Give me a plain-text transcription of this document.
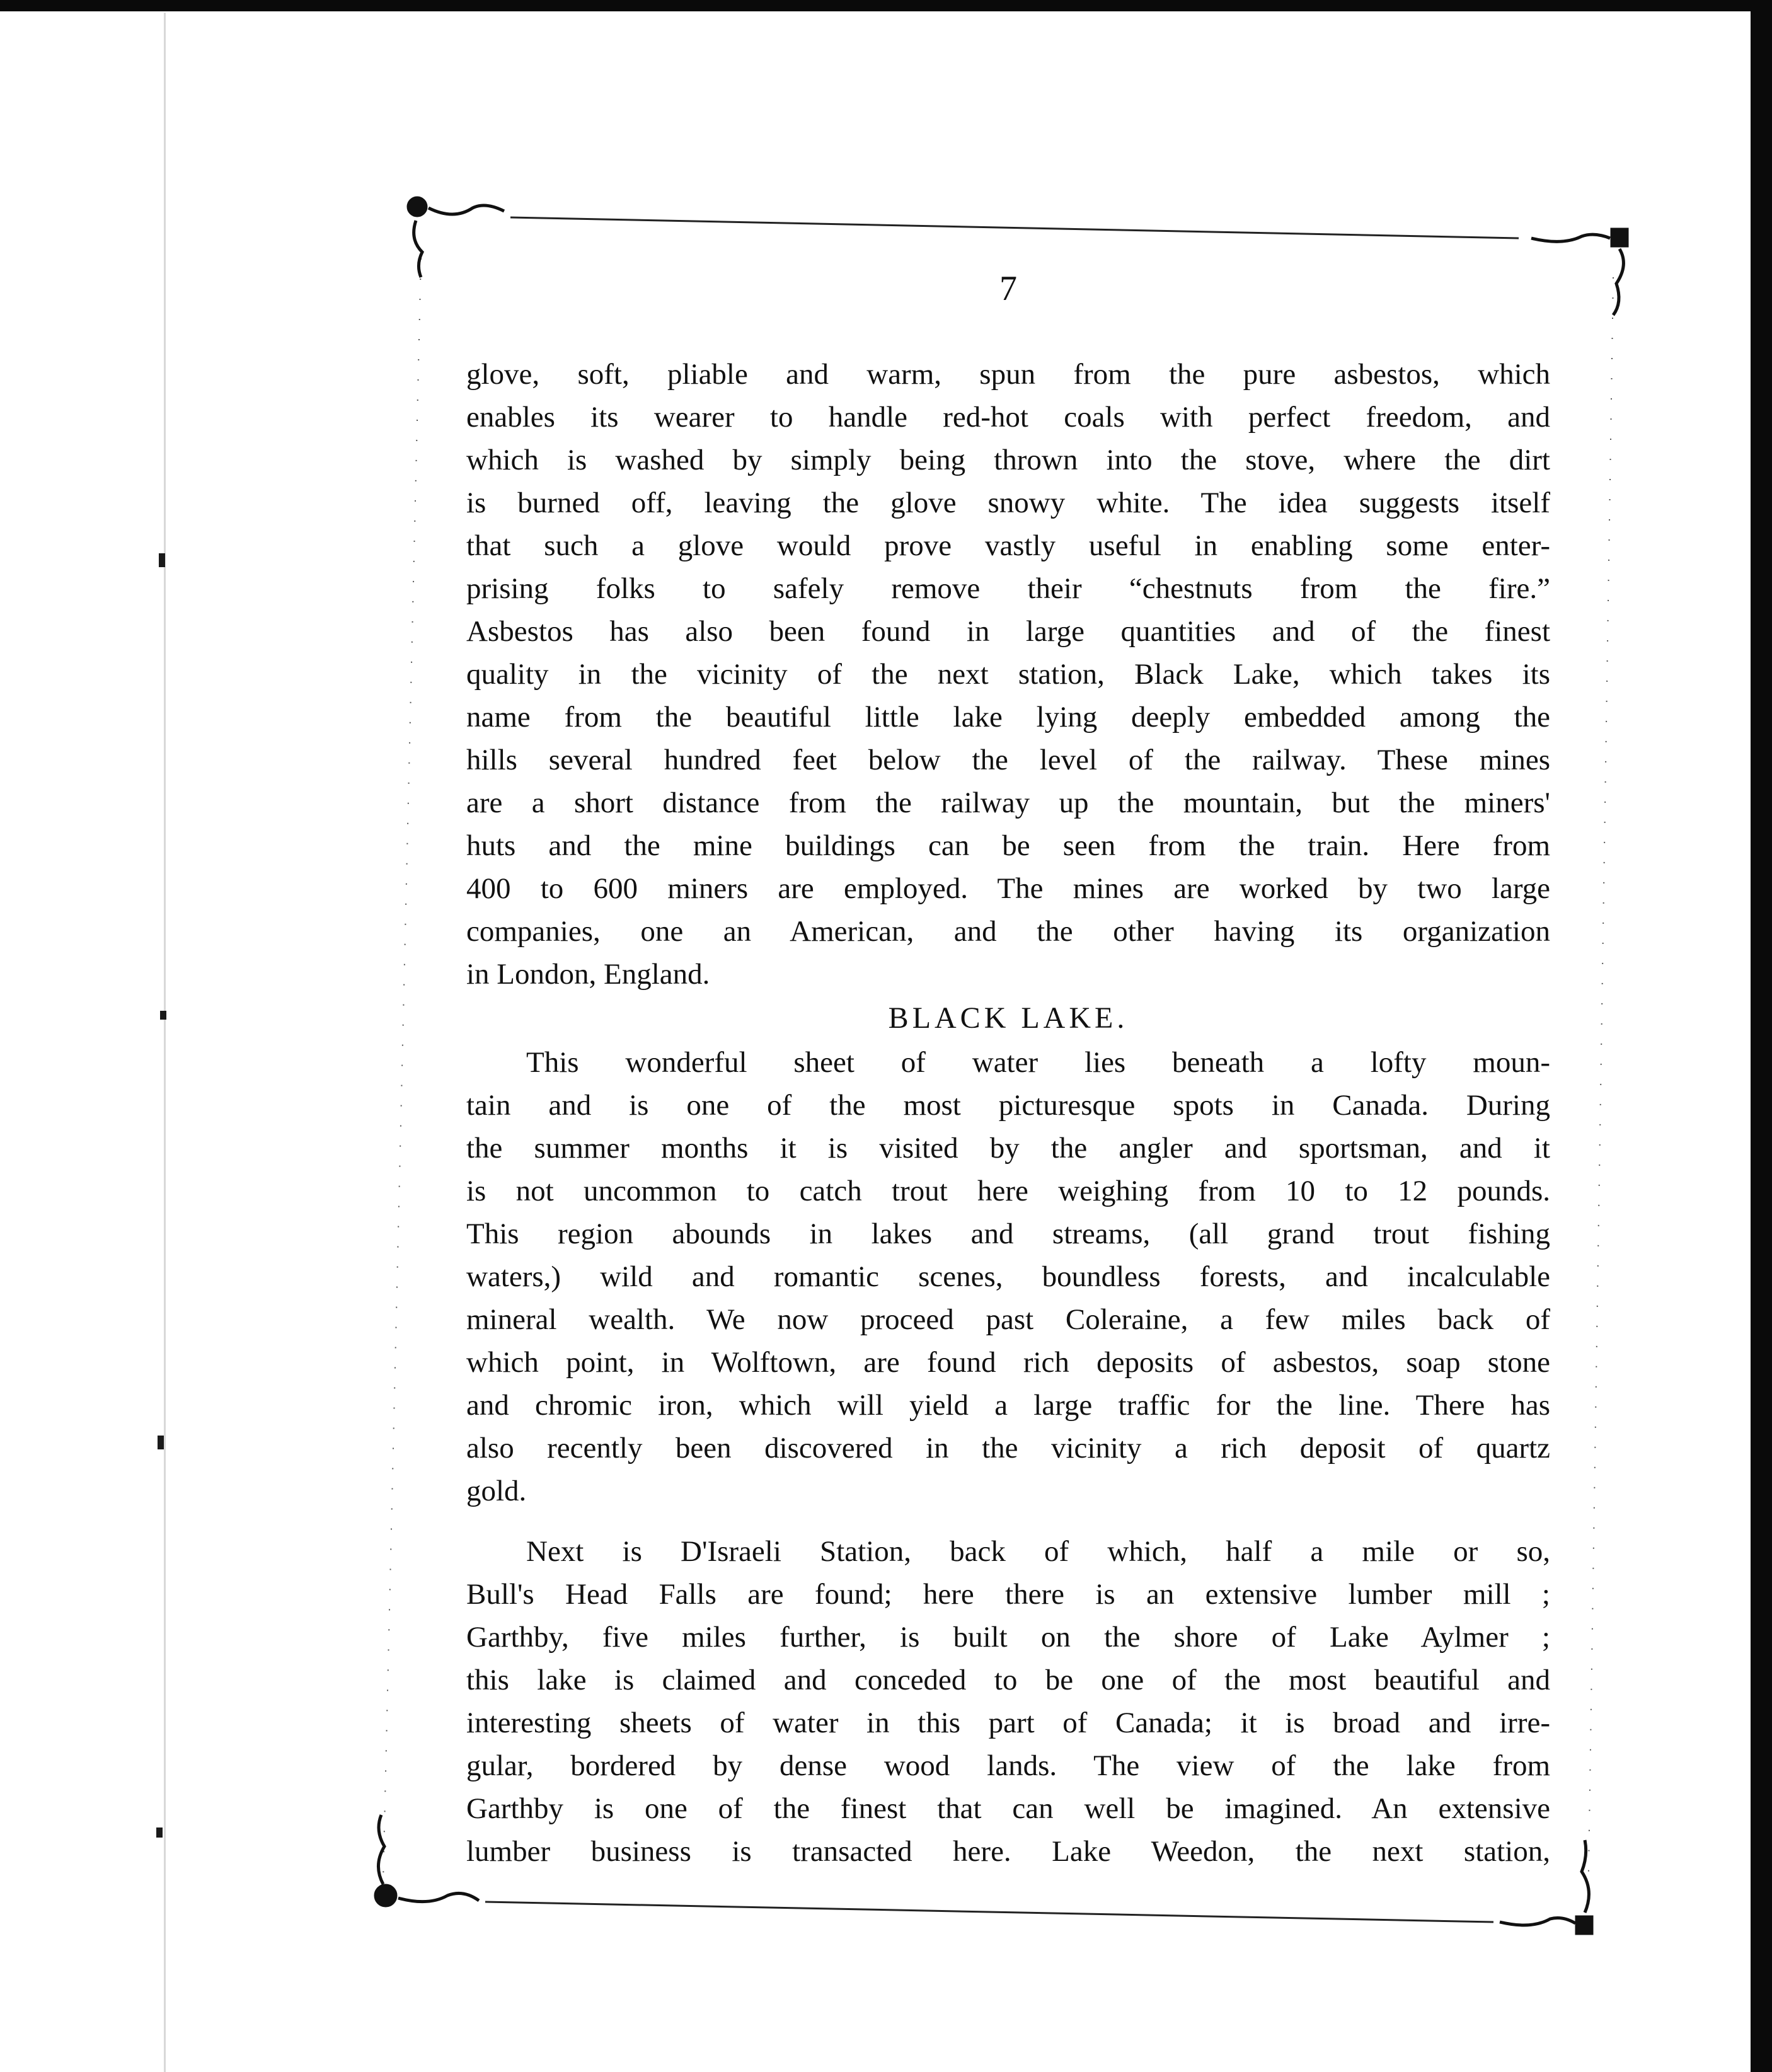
7
glove, soft, pliable and warm, spun from the pure asbestos, which
enables its wearer to handle red-hot coals with perfect freedom, and
which is washed by simply being thrown into the stove, where the dirt
is burned off, leaving the glove snowy white. The idea suggests itself
that such a glove would prove vastly useful in enabling some enter-
prising folks to safely remove their “chestnuts from the fire.”
Asbestos has also been found in large quantities and of the finest
quality in the vicinity of the next station, Black Lake, which takes its
name from the beautiful little lake lying deeply embedded among the
hills several hundred feet below the level of the railway. These mines
are a short distance from the railway up the mountain, but the miners'
huts and the mine buildings can be seen from the train. Here from
400 to 600 miners are employed. The mines are worked by two large
companies, one an American, and the other having its organization
in London, England.
BLACK LAKE.
This wonderful sheet of water lies beneath a lofty moun-
tain and is one of the most picturesque spots in Canada. During
the summer months it is visited by the angler and sportsman, and it
is not uncommon to catch trout here weighing from 10 to 12 pounds.
This region abounds in lakes and streams, (all grand trout fishing
waters,) wild and romantic scenes, boundless forests, and incalculable
mineral wealth. We now proceed past Coleraine, a few miles back of
which point, in Wolftown, are found rich deposits of asbestos, soap stone
and chromic iron, which will yield a large traffic for the line. There has
also recently been discovered in the vicinity a rich deposit of quartz
gold.
Next is D'Israeli Station, back of which, half a mile or so,
Bull's Head Falls are found; here there is an extensive lumber mill ;
Garthby, five miles further, is built on the shore of Lake Aylmer ;
this lake is claimed and conceded to be one of the most beautiful and
interesting sheets of water in this part of Canada; it is broad and irre-
gular, bordered by dense wood lands. The view of the lake from
Garthby is one of the finest that can well be imagined. An extensive
lumber business is transacted here. Lake Weedon, the next station,
